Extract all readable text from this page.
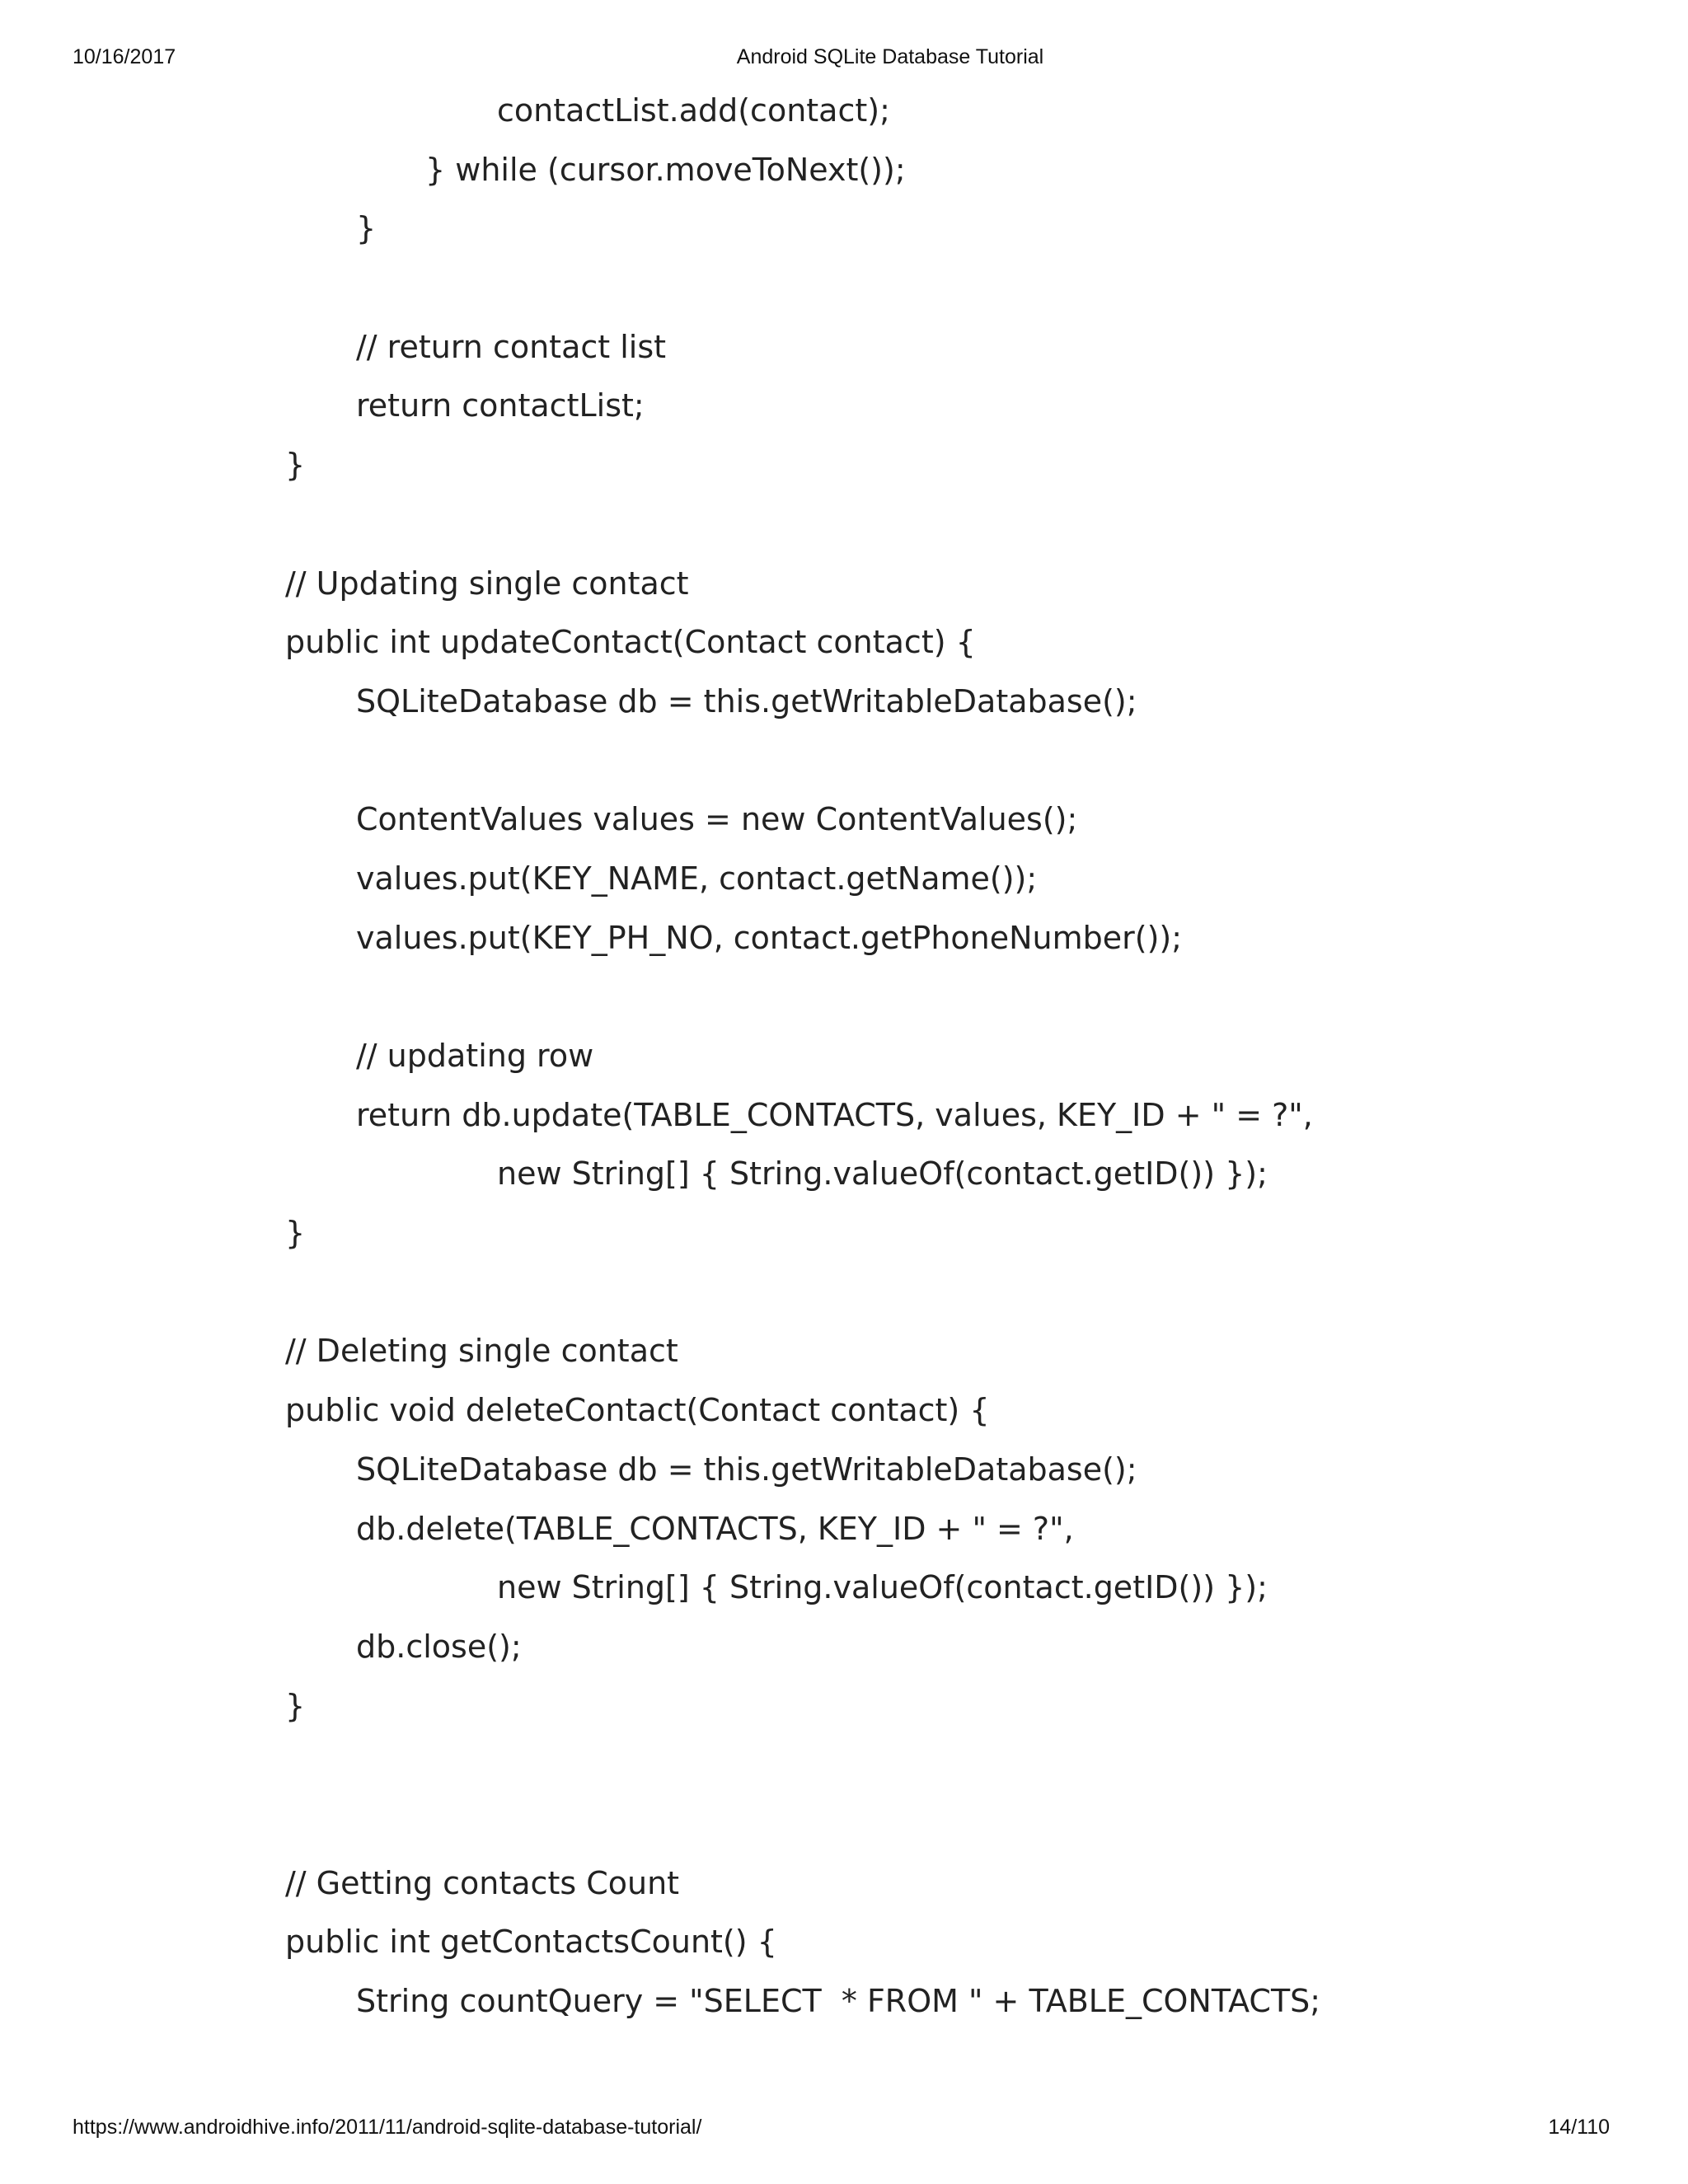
10/16/2017	Android SQLite Database Tutorial
contactList.add(contact);
} while (cursor.moveToNext());
}
// return contact list
return contactList;
}
// Updating single contact
public int updateContact(Contact contact) {
SQLiteDatabase db = this.getWritableDatabase();
ContentValues values = new ContentValues();
values.put(KEY_NAME, contact.getName());
values.put(KEY_PH_NO, contact.getPhoneNumber());
// updating row
return db.update(TABLE_CONTACTS, values, KEY_ID + " = ?",
new String[] { String.valueOf(contact.getID()) });
}
// Deleting single contact
public void deleteContact(Contact contact) {
SQLiteDatabase db = this.getWritableDatabase();
db.delete(TABLE_CONTACTS, KEY_ID + " = ?",
new String[] { String.valueOf(contact.getID()) });
db.close();
}
// Getting contacts Count
public int getContactsCount() {
String countQuery = "SELECT  * FROM " + TABLE_CONTACTS;
https://www.androidhive.info/2011/11/android-sqlite-database-tutorial/	14/110
